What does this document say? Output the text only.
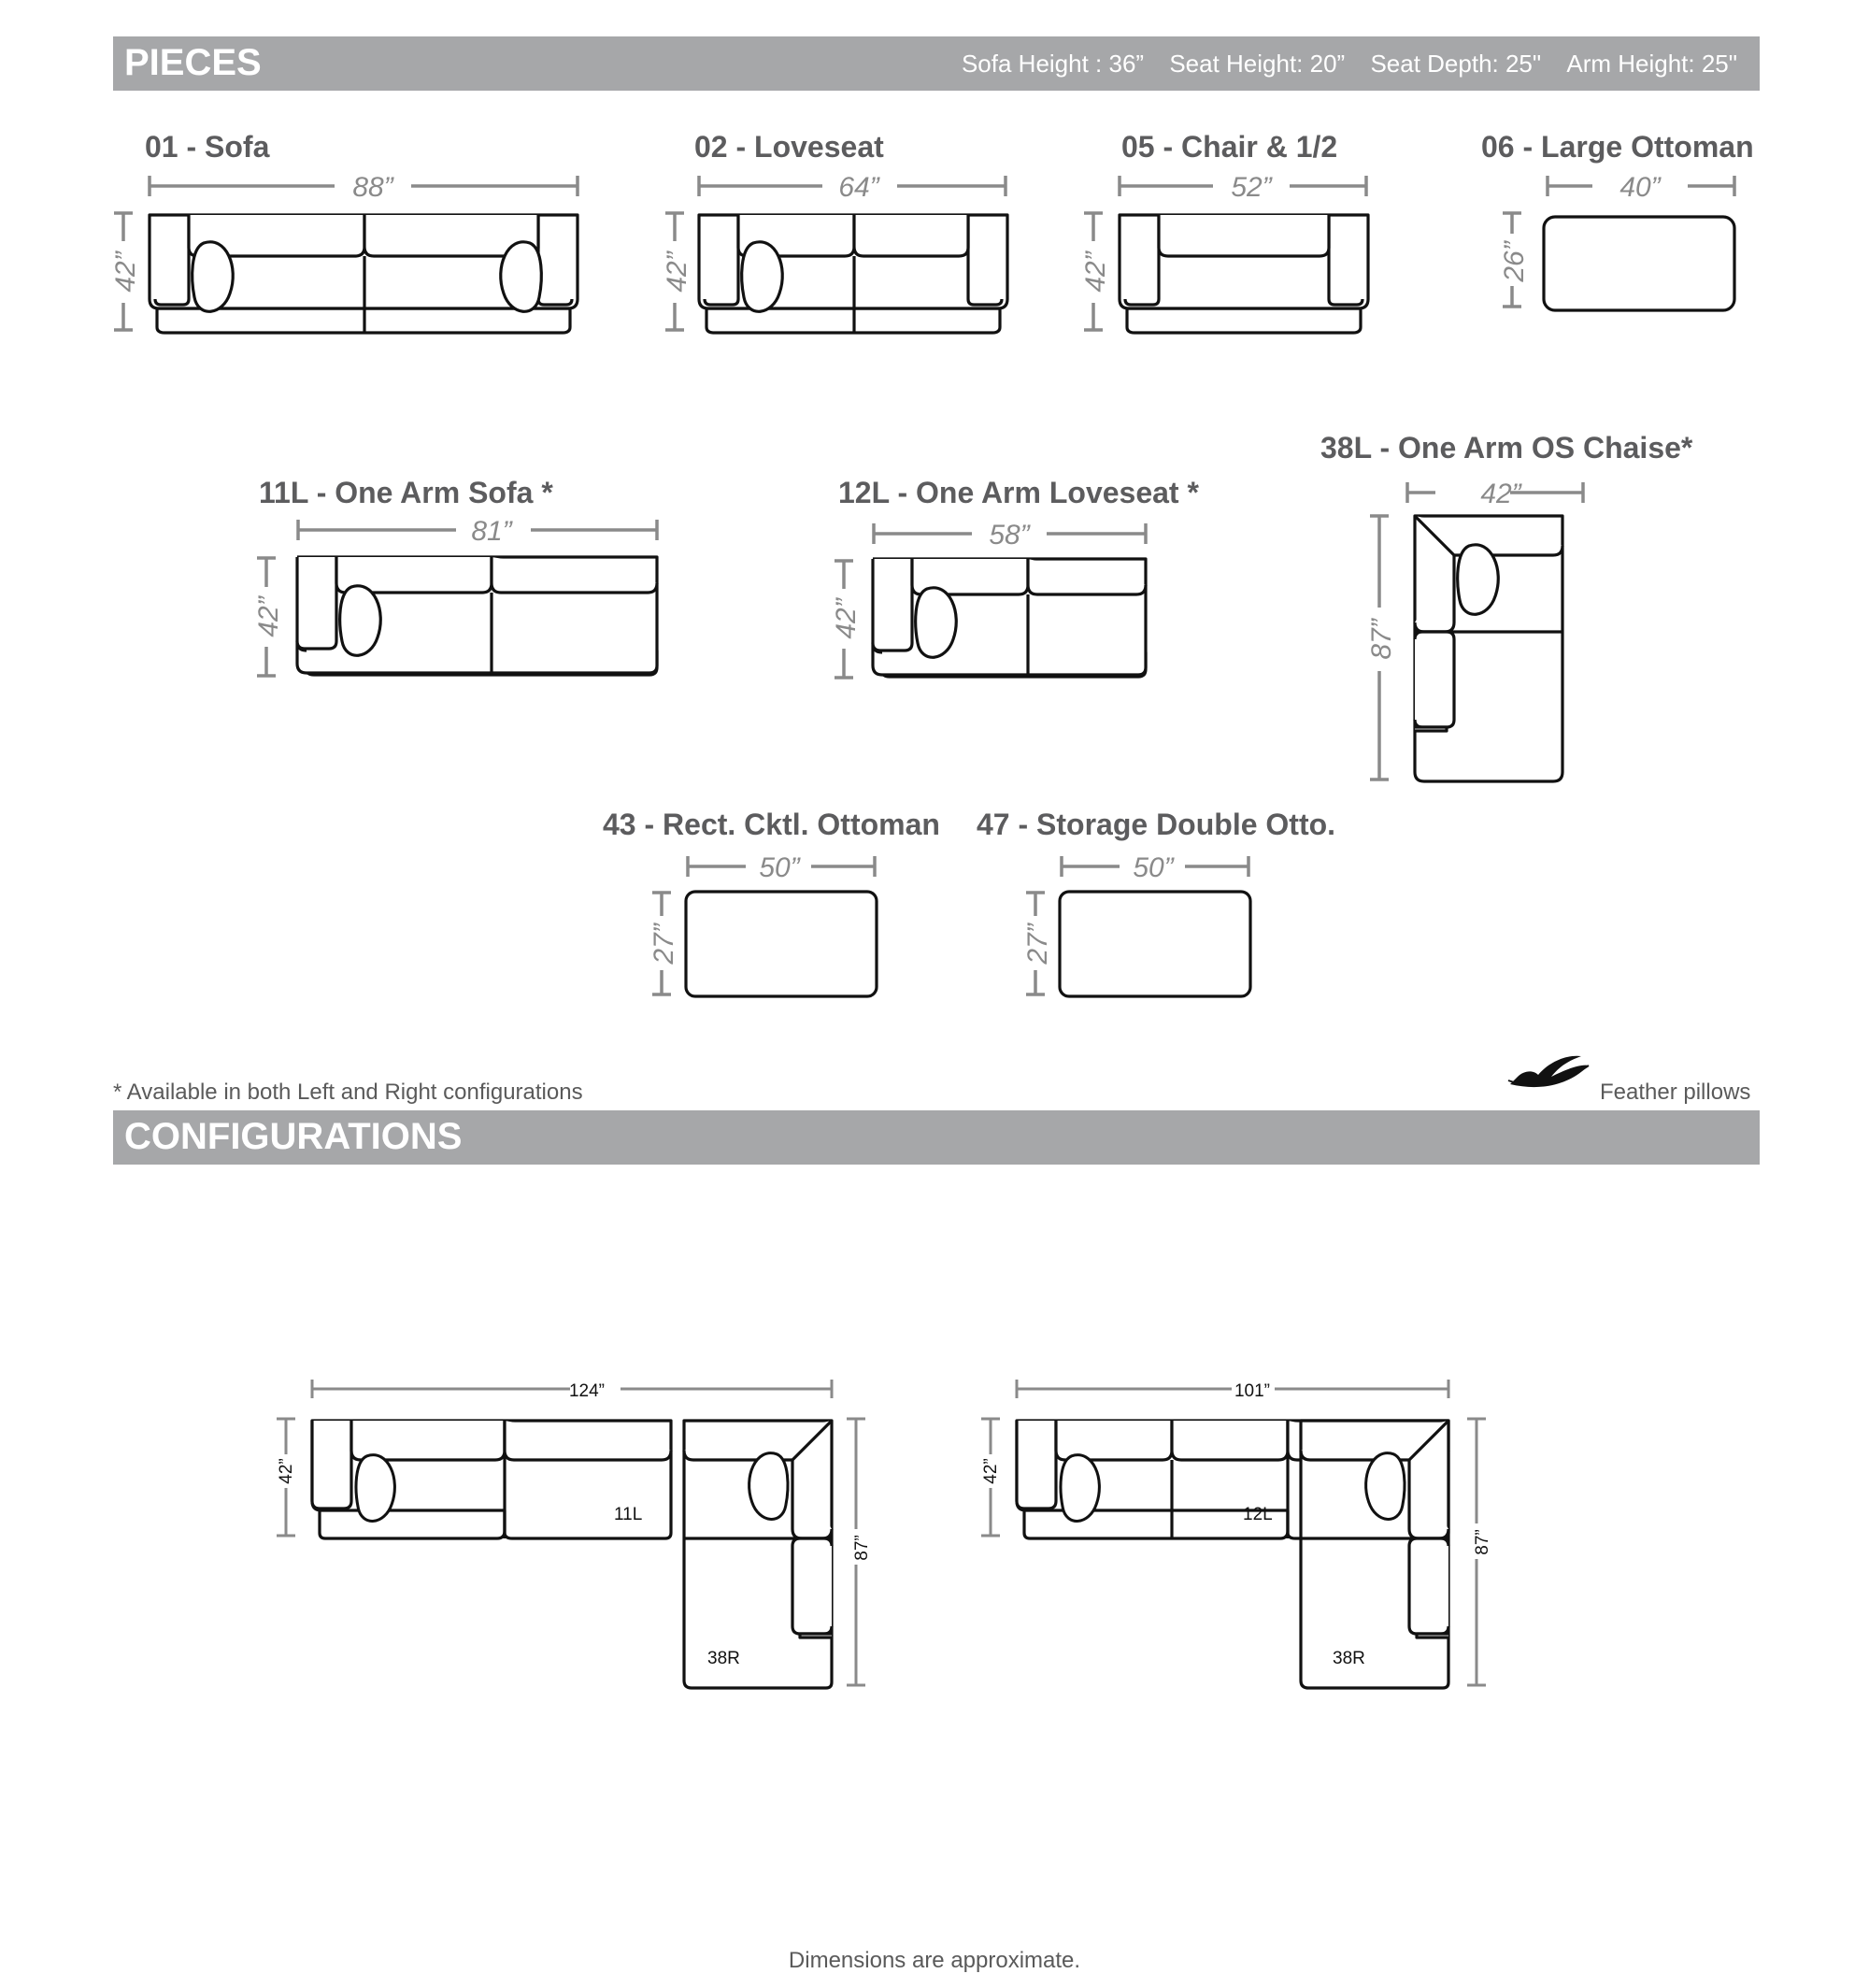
PIECES	Sofa Height : 36” Seat Height: 20” Seat Depth: 25" Arm Height: 25"
CONFIGURATIONS
01 - Sofa
88”
42”
02 - Loveseat
64”
42”
05 - Chair & 1/2
52”
42”
06 - Large Ottoman
40”
26”
11L - One Arm Sofa *
81”
42”
12L - One Arm Loveseat *
58”
42”
38L - One Arm OS Chaise*
42”
87”
43 - Rect. Cktl. Ottoman
50”
27”
47 - Storage Double Otto.
50”
27”
124”
42”
87”
11L
38R
101”
42”
87”
12L
38R
* Available in both Left and Right configurations	Feather pillows
Dimensions are approximate.
